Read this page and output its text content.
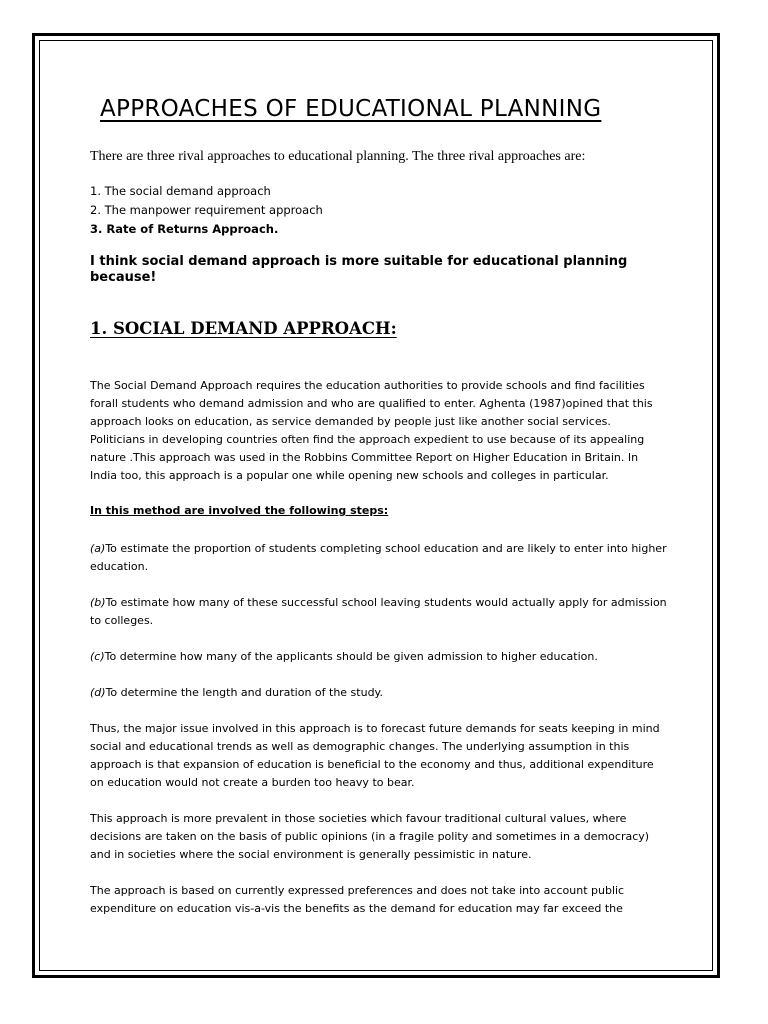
APPROACHES OF EDUCATIONAL PLANNING
There are three rival approaches to educational planning. The three rival approaches are:
1. The social demand approach
2. The manpower requirement approach
3. Rate of Returns Approach.
I think social demand approach is more suitable for educational planning because!
1. SOCIAL DEMAND APPROACH:

The Social Demand Approach requires the education authorities to provide schools and find facilities forall students who demand admission and who are qualified to enter. Aghenta (1987)opined that this approach looks on education, as service demanded by people just like another social services. Politicians in developing countries often find the approach expedient to use because of its appealing nature .This approach was used in the Robbins Committee Report on Higher Education in Britain. In India too, this approach is a popular one while opening new schools and colleges in particular.

In this method are involved the following steps:

(a)To estimate the proportion of students completing school education and are likely to enter into higher education.

(b)To estimate how many of these successful school leaving students would actually apply for admission to colleges.

(c)To determine how many of the applicants should be given admission to higher education.

(d)To determine the length and duration of the study.

Thus, the major issue involved in this approach is to forecast future demands for seats keeping in mind social and educational trends as well as demographic changes. The underlying assumption in this approach is that expansion of education is beneficial to the economy and thus, additional expenditure on education would not create a burden too heavy to bear.

This approach is more prevalent in those societies which favour traditional cultural values, where decisions are taken on the basis of public opinions (in a fragile polity and sometimes in a democracy) and in societies where the social environment is generally pessimistic in nature.

The approach is based on currently expressed preferences and does not take into account public expenditure on education vis-a-vis the benefits as the demand for education may far exceed the
